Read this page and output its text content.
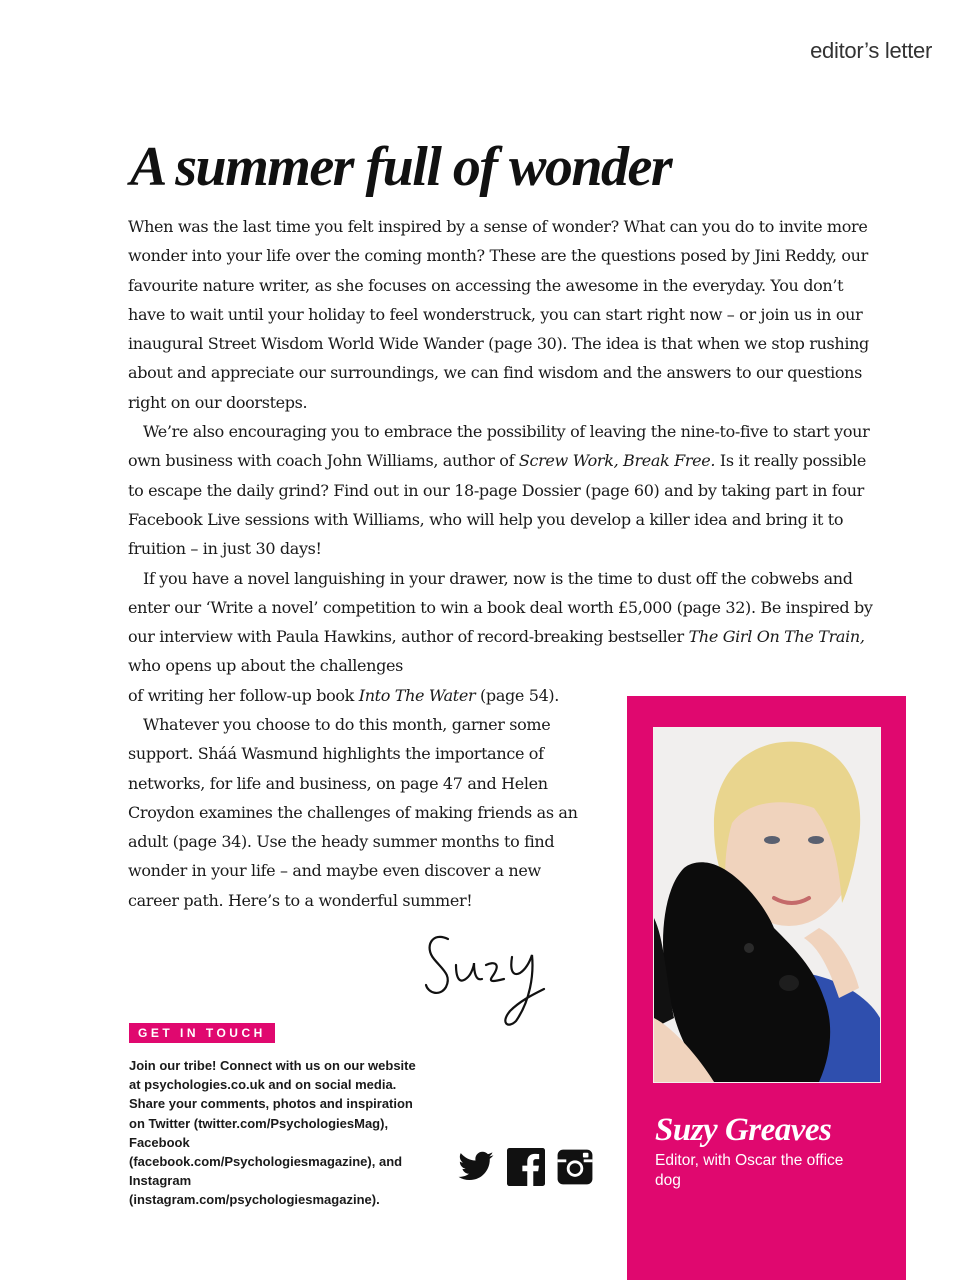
editor’s letter
A summer full of wonder

When was the last time you felt inspired by a sense of wonder? What can you do to invite more wonder into your life over the coming month? These are the questions posed by Jini Reddy, our favourite nature writer, as she focuses on accessing the awesome in the everyday. You don’t have to wait until your holiday to feel wonderstruck, you can start right now – or join us in our inaugural Street Wisdom World Wide Wander (page 30). The idea is that when we stop rushing about and appreciate our surroundings, we can find wisdom and the answers to our questions right on our doorsteps.

We’re also encouraging you to embrace the possibility of leaving the nine-to-five to start your own business with coach John Williams, author of Screw Work, Break Free. Is it really possible to escape the daily grind? Find out in our 18-page Dossier (page 60) and by taking part in four Facebook Live sessions with Williams, who will help you develop a killer idea and bring it to fruition – in just 30 days!

If you have a novel languishing in your drawer, now is the time to dust off the cobwebs and enter our ‘Write a novel’ competition to win a book deal worth £5,000 (page 32). Be inspired by our interview with Paula Hawkins, author of record-breaking bestseller The Girl On The Train, who opens up about the challenges
of writing her follow-up book Into The Water (page 54).

Whatever you choose to do this month, garner some support. Sháá Wasmund highlights the importance of networks, for life and business, on page 47 and Helen Croydon examines the challenges of making friends as an adult (page 34). Use the heady summer months to find wonder in your life – and maybe even discover a new career path. Here’s to a wonderful summer!

GET IN TOUCH
Join our tribe! Connect with us on our website at psychologies.co.uk and on social media. Share your comments, photos and inspiration on Twitter (twitter.com/PsychologiesMag), Facebook (facebook.com/Psychologiesmagazine), and Instagram (instagram.com/psychologiesmagazine).
Suzy Greaves
Editor, with Oscar the office dog
